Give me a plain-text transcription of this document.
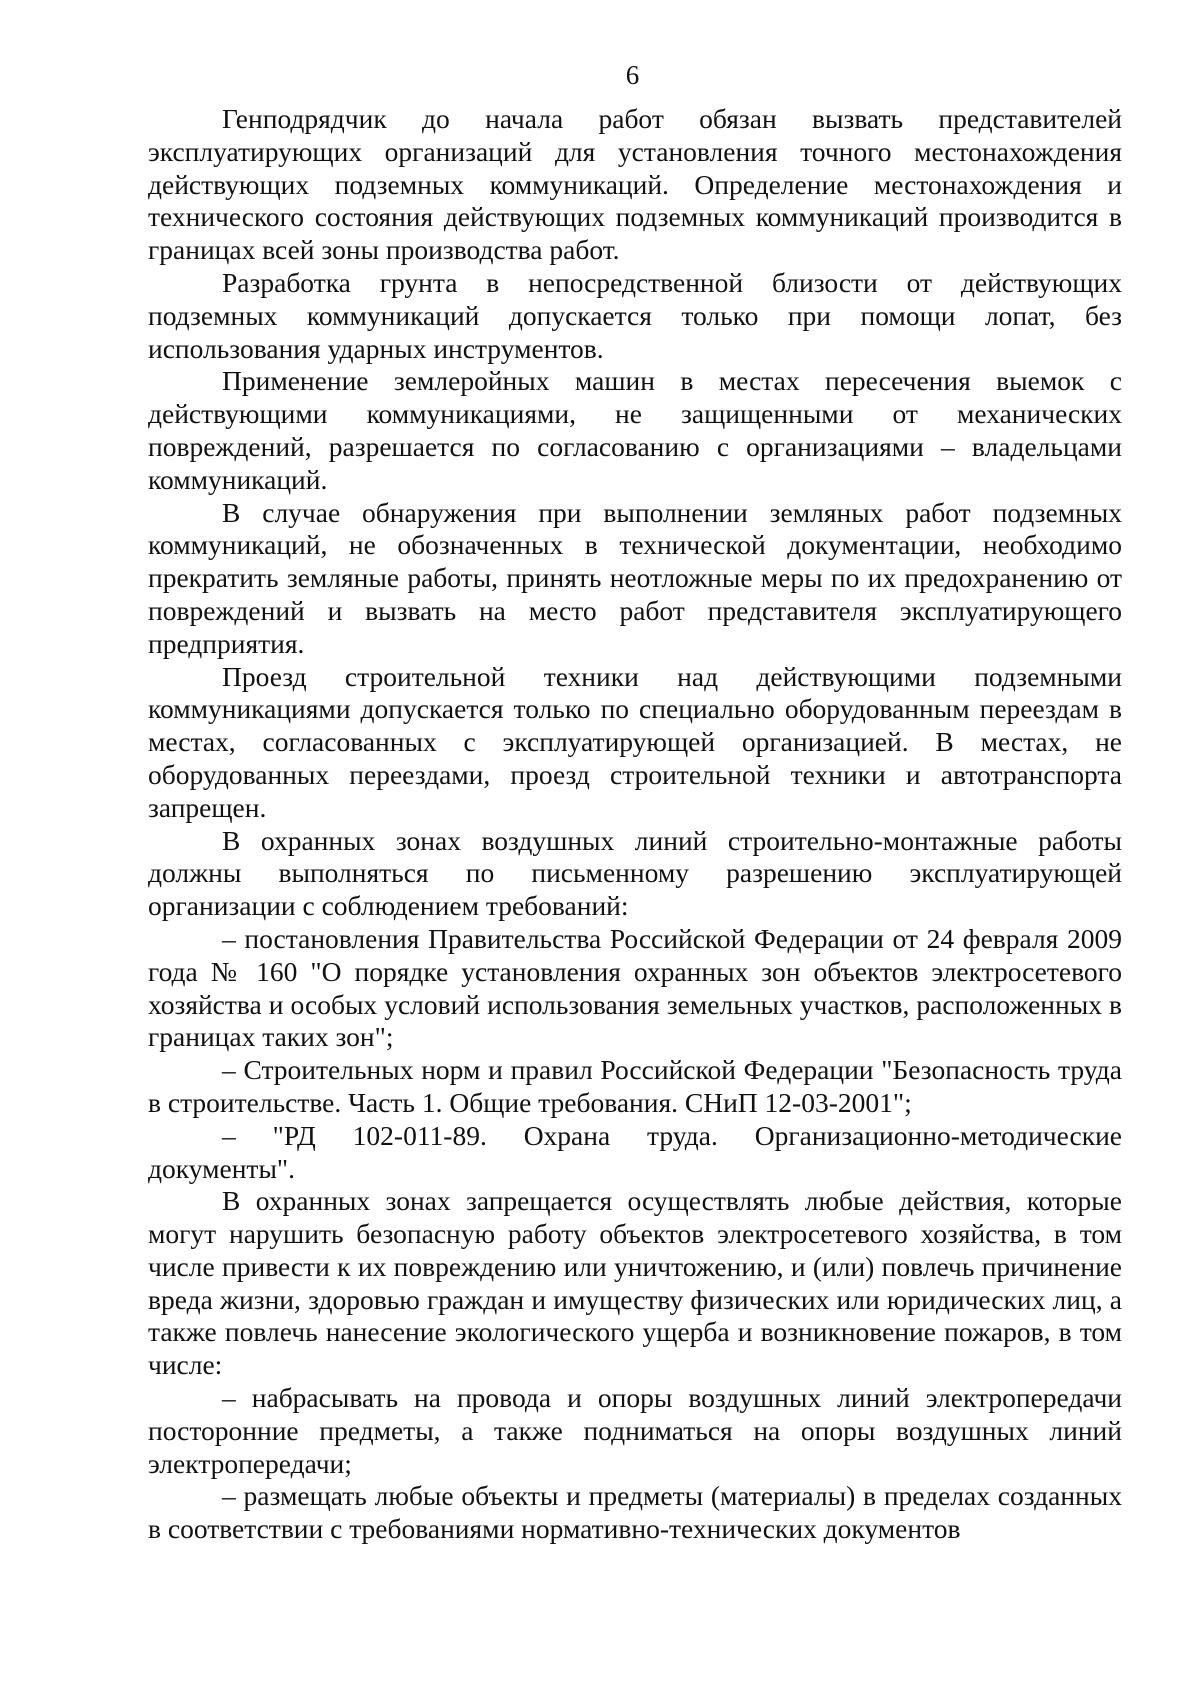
6

Генподрядчик до начала работ обязан вызвать представителей эксплуатирующих организаций для установления точного местонахождения действующих подземных коммуникаций. Определение местонахождения и технического состояния действующих подземных коммуникаций производится в границах всей зоны производства работ.

Разработка грунта в непосредственной близости от действующих подземных коммуникаций допускается только при помощи лопат, без использования ударных инструментов.

Применение землеройных машин в местах пересечения выемок с действующими коммуникациями, не защищенными от механических повреждений, разрешается по согласованию с организациями – владельцами коммуникаций.

В случае обнаружения при выполнении земляных работ подземных коммуникаций, не обозначенных в технической документации, необходимо прекратить земляные работы, принять неотложные меры по их предохранению от повреждений и вызвать на место работ представителя эксплуатирующего предприятия.

Проезд строительной техники над действующими подземными коммуникациями допускается только по специально оборудованным переездам в местах, согласованных с эксплуатирующей организацией. В местах, не оборудованных переездами, проезд строительной техники и автотранспорта запрещен.

В охранных зонах воздушных линий строительно-монтажные работы должны выполняться по письменному разрешению эксплуатирующей организации с соблюдением требований:

– постановления Правительства Российской Федерации от 24 февраля 2009 года № 160 "О порядке установления охранных зон объектов электросетевого хозяйства и особых условий использования земельных участков, расположенных в границах таких зон";

– Строительных норм и правил Российской Федерации "Безопасность труда в строительстве. Часть 1. Общие требования. СНиП 12-03-2001";

– "РД 102-011-89. Охрана труда. Организационно-методические документы".

В охранных зонах запрещается осуществлять любые действия, которые могут нарушить безопасную работу объектов электросетевого хозяйства, в том числе привести к их повреждению или уничтожению, и (или) повлечь причинение вреда жизни, здоровью граждан и имуществу физических или юридических лиц, а также повлечь нанесение экологического ущерба и возникновение пожаров, в том числе:

– набрасывать на провода и опоры воздушных линий электропередачи посторонние предметы, а также подниматься на опоры воздушных линий электропередачи;

– размещать любые объекты и предметы (материалы) в пределах созданных в соответствии с требованиями нормативно-технических документов
